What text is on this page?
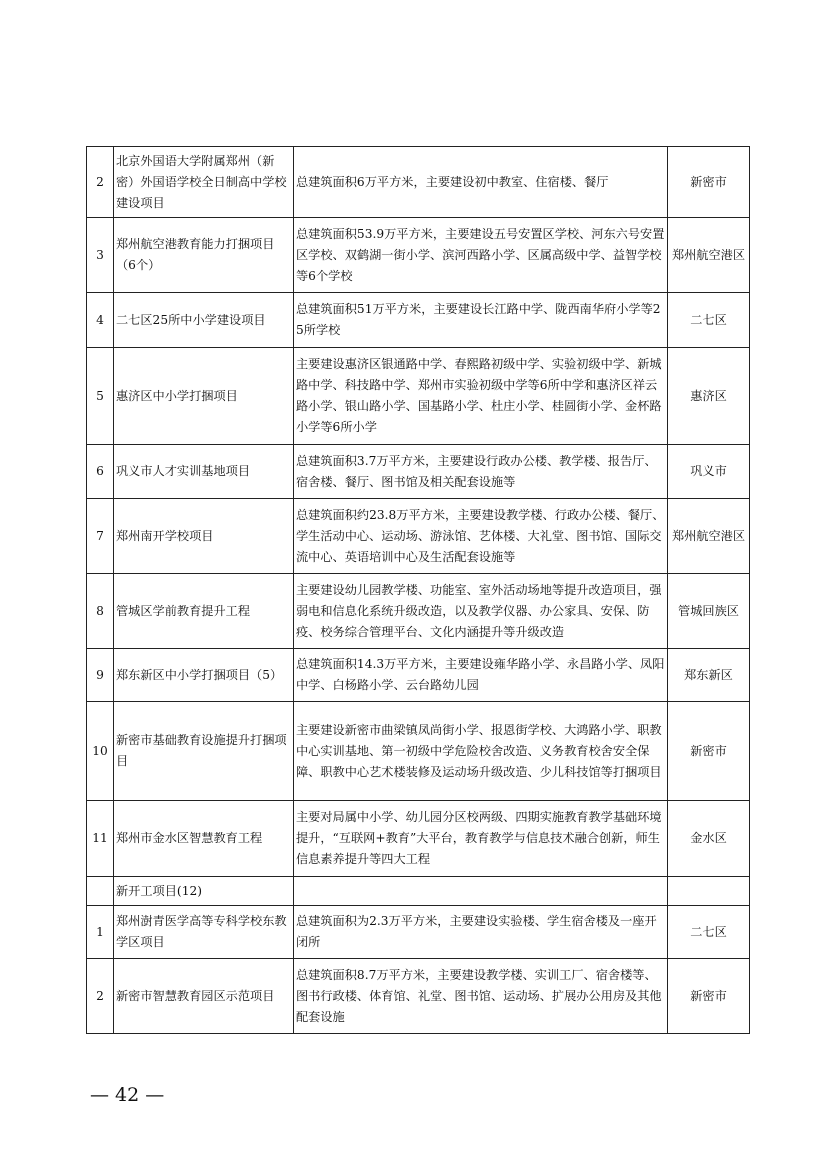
2	北京外国语大学附属郑州（新密）外国语学校全日制高中学校建设项目	总建筑面积6万平方米，主要建设初中教室、住宿楼、餐厅	新密市
3	郑州航空港教育能力打捆项目（6个）	总建筑面积53.9万平方米，主要建设五号安置区学校、河东六号安置区学校、双鹤湖一街小学、滨河西路小学、区属高级中学、益智学校等6个学校	郑州航空港区
4	二七区25所中小学建设项目	总建筑面积51万平方米，主要建设长江路中学、陇西南华府小学等25所学校	二七区
5	惠济区中小学打捆项目	主要建设惠济区银通路中学、春熙路初级中学、实验初级中学、新城路中学、科技路中学、郑州市实验初级中学等6所中学和惠济区祥云路小学、银山路小学、国基路小学、杜庄小学、桂圆街小学、金杯路小学等6所小学	惠济区
6	巩义市人才实训基地项目	总建筑面积3.7万平方米，主要建设行政办公楼、教学楼、报告厅、宿舍楼、餐厅、图书馆及相关配套设施等	巩义市
7	郑州南开学校项目	总建筑面积约23.8万平方米，主要建设教学楼、行政办公楼、餐厅、学生活动中心、运动场、游泳馆、艺体楼、大礼堂、图书馆、国际交流中心、英语培训中心及生活配套设施等	郑州航空港区
8	管城区学前教育提升工程	主要建设幼儿园教学楼、功能室、室外活动场地等提升改造项目，强弱电和信息化系统升级改造，以及教学仪器、办公家具、安保、防疫、校务综合管理平台、文化内涵提升等升级改造	管城回族区
9	郑东新区中小学打捆项目（5）	总建筑面积14.3万平方米，主要建设雍华路小学、永昌路小学、凤阳中学、白杨路小学、云台路幼儿园	郑东新区
10	新密市基础教育设施提升打捆项目	主要建设新密市曲梁镇凤尚街小学、报恩街学校、大鸿路小学、职教中心实训基地、第一初级中学危险校舍改造、义务教育校舍安全保障、职教中心艺术楼装修及运动场升级改造、少儿科技馆等打捆项目	新密市
11	郑州市金水区智慧教育工程	主要对局属中小学、幼儿园分区校两级、四期实施教育教学基础环境提升，“互联网+教育”大平台，教育教学与信息技术融合创新，师生信息素养提升等四大工程	金水区
	新开工项目(12)		
1	郑州澍青医学高等专科学校东教学区项目	总建筑面积为2.3万平方米，主要建设实验楼、学生宿舍楼及一座开闭所	二七区
2	新密市智慧教育园区示范项目	总建筑面积8.7万平方米，主要建设教学楼、实训工厂、宿舍楼等、图书行政楼、体育馆、礼堂、图书馆、运动场、扩展办公用房及其他配套设施	新密市
— 42 —
